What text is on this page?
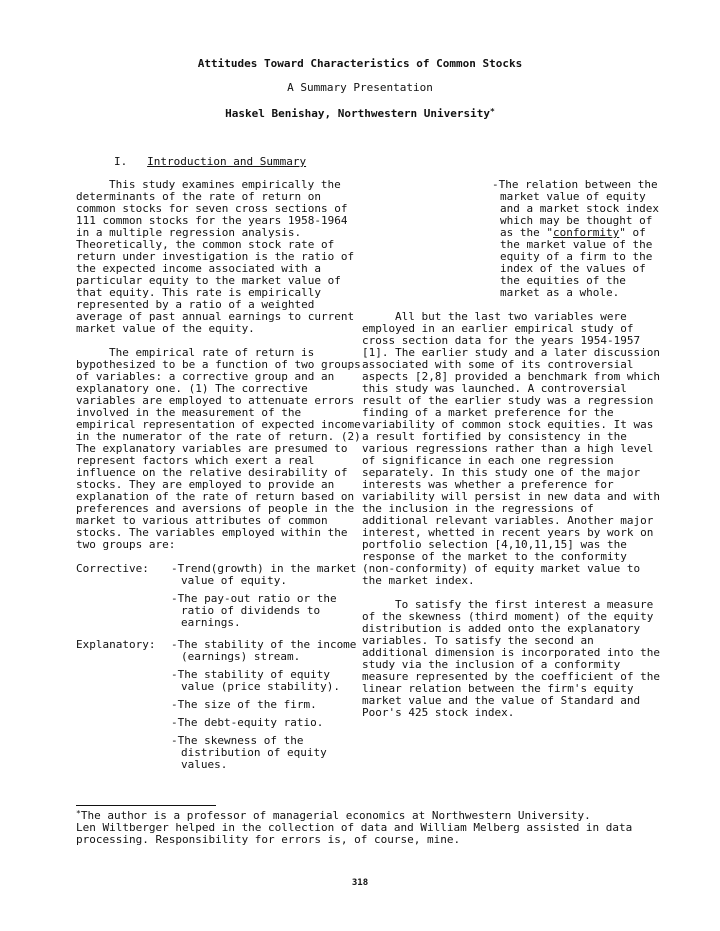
Attitudes Toward Characteristics of Common Stocks
A Summary Presentation
Haskel Benishay, Northwestern University*
I. Introduction and Summary

This study examines empirically the determinants of the rate of return on common stocks for seven cross sections of 111 common stocks for the years 1958-1964 in a multiple regression analysis. Theoretically, the common stock rate of return under investigation is the ratio of the expected income associated with a particular equity to the market value of that equity. This rate is empirically represented by a ratio of a weighted average of past annual earnings to current market value of the equity.

The empirical rate of return is bypothesized to be a function of two groups of variables: a corrective group and an explanatory one. (1) The corrective variables are employed to attenuate errors involved in the measurement of the empirical representation of expected income in the numerator of the rate of return. (2) The explanatory variables are presumed to represent factors which exert a real influence on the relative desirability of stocks. They are employed to provide an explanation of the rate of return based on preferences and aversions of people in the market to various attributes of common stocks. The variables employed within the two groups are:

Corrective:	-Trend(growth) in the market value of equity.
-The pay-out ratio or the ratio of dividends to earnings.
Explanatory:	-The stability of the income (earnings) stream.
-The stability of equity value (price stability).
-The size of the firm.
-The debt-equity ratio.
-The skewness of the distribution of equity values.
-The relation between the market value of equity and a market stock index which may be thought of as the "conformity" of the market value of the equity of a firm to the index of the values of the equities of the market as a whole.

All but the last two variables were employed in an earlier empirical study of cross section data for the years 1954-1957 [1]. The earlier study and a later discussion associated with some of its controversial aspects [2,8] provided a benchmark from which this study was launched. A controversial result of the earlier study was a regression finding of a market preference for the variability of common stock equities. It was a result fortified by consistency in the various regressions rather than a high level of significance in each one regression separately. In this study one of the major interests was whether a preference for variability will persist in new data and with the inclusion in the regressions of additional relevant variables. Another major interest, whetted in recent years by work on portfolio selection [4,10,11,15] was the response of the market to the conformity (non-conformity) of equity market value to the market index.

To satisfy the first interest a measure of the skewness (third moment) of the equity distribution is added onto the explanatory variables. To satisfy the second an additional dimension is incorporated into the study via the inclusion of a conformity measure represented by the coefficient of the linear relation between the firm's equity market value and the value of Standard and Poor's 425 stock index.

*The author is a professor of managerial economics at Northwestern University.
Len Wiltberger helped in the collection of data and William Melberg assisted in data processing. Responsibility for errors is, of course, mine.
318
